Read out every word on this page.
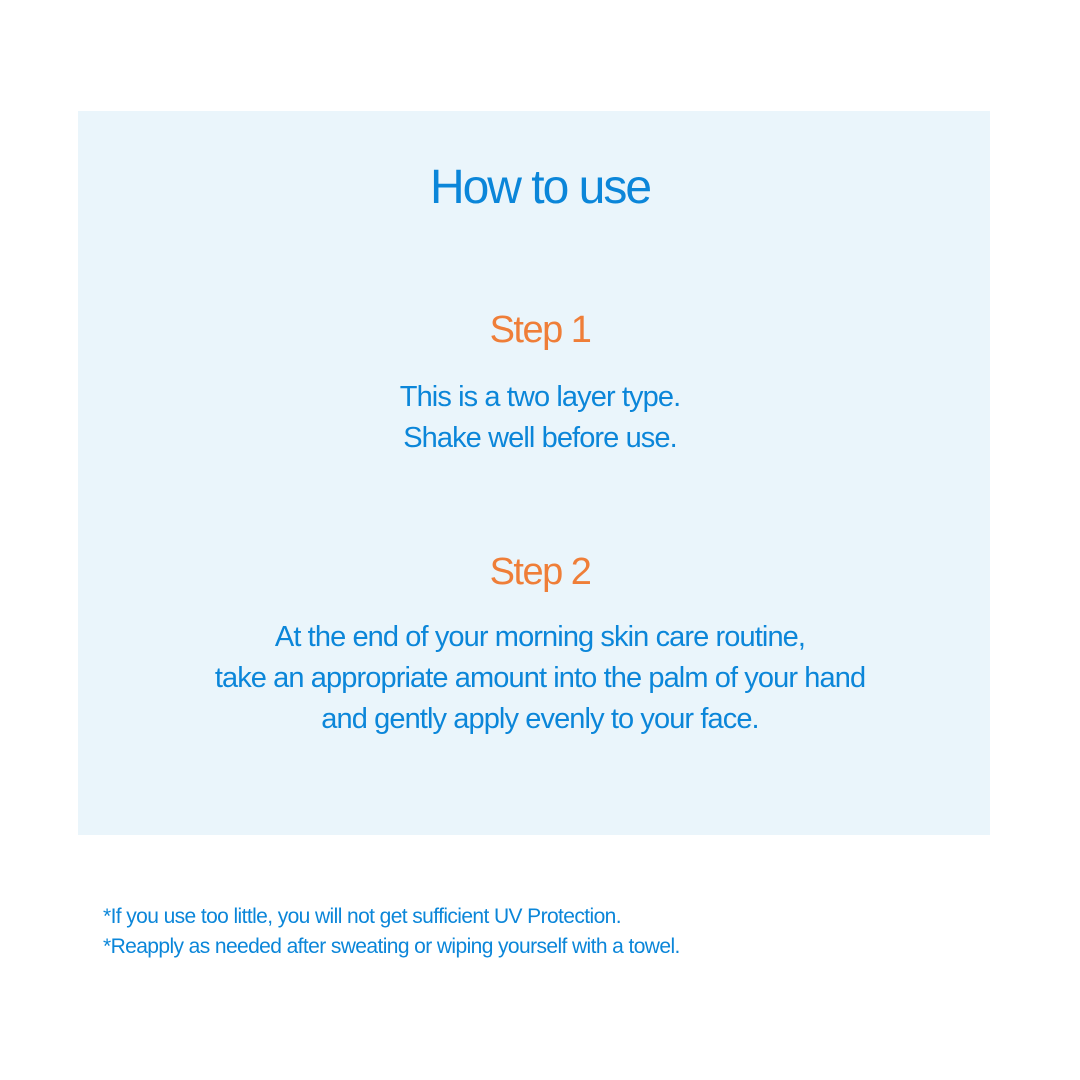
How to use
Step 1

This is a two layer type.
Shake well before use.

Step 2

At the end of your morning skin care routine,
take an appropriate amount into the palm of your hand
and gently apply evenly to your face.

*If you use too little, you will not get sufficient UV Protection.
*Reapply as needed after sweating or wiping yourself with a towel.
